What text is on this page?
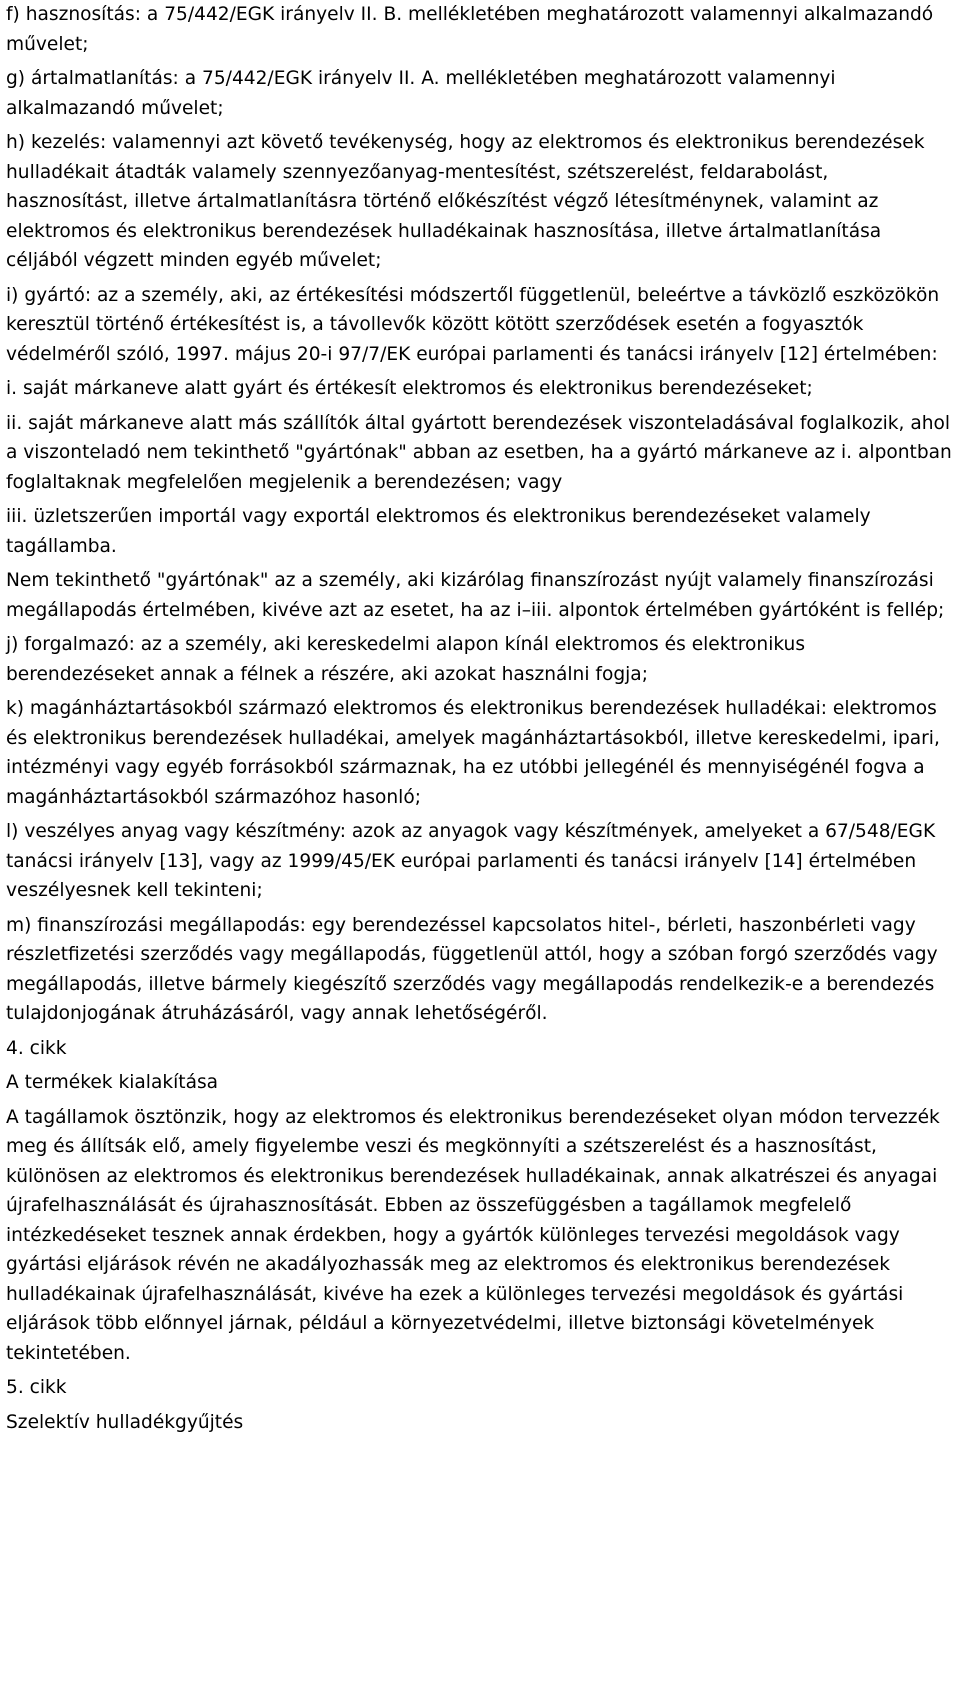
f) hasznosítás: a 75/442/EGK irányelv II. B. mellékletében meghatározott valamennyi alkalmazandó művelet;

g) ártalmatlanítás: a 75/442/EGK irányelv II. A. mellékletében meghatározott valamennyi alkalmazandó művelet;

h) kezelés: valamennyi azt követő tevékenység, hogy az elektromos és elektronikus berendezések hulladékait átadták valamely szennyezőanyag-mentesítést, szétszerelést, feldarabolást, hasznosítást, illetve ártalmatlanításra történő előkészítést végző létesítménynek, valamint az elektromos és elektronikus berendezések hulladékainak hasznosítása, illetve ártalmatlanítása céljából végzett minden egyéb művelet;

i) gyártó: az a személy, aki, az értékesítési módszertől függetlenül, beleértve a távközlő eszközökön keresztül történő értékesítést is, a távollevők között kötött szerződések esetén a fogyasztók védelméről szóló, 1997. május 20-i 97/7/EK európai parlamenti és tanácsi irányelv [12] értelmében:

i. saját márkaneve alatt gyárt és értékesít elektromos és elektronikus berendezéseket;

ii. saját márkaneve alatt más szállítók által gyártott berendezések viszonteladásával foglalkozik, ahol a viszonteladó nem tekinthető "gyártónak" abban az esetben, ha a gyártó márkaneve az i. alpontban foglaltaknak megfelelően megjelenik a berendezésen; vagy

iii. üzletszerűen importál vagy exportál elektromos és elektronikus berendezéseket valamely tagállamba.

Nem tekinthető "gyártónak" az a személy, aki kizárólag finanszírozást nyújt valamely finanszírozási megállapodás értelmében, kivéve azt az esetet, ha az i–iii. alpontok értelmében gyártóként is fellép;

j) forgalmazó: az a személy, aki kereskedelmi alapon kínál elektromos és elektronikus berendezéseket annak a félnek a részére, aki azokat használni fogja;

k) magánháztartásokból származó elektromos és elektronikus berendezések hulladékai: elektromos és elektronikus berendezések hulladékai, amelyek magánháztartásokból, illetve kereskedelmi, ipari, intézményi vagy egyéb forrásokból származnak, ha ez utóbbi jellegénél és mennyiségénél fogva a magánháztartásokból származóhoz hasonló;

l) veszélyes anyag vagy készítmény: azok az anyagok vagy készítmények, amelyeket a 67/548/EGK tanácsi irányelv [13], vagy az 1999/45/EK európai parlamenti és tanácsi irányelv [14] értelmében veszélyesnek kell tekinteni;

m) finanszírozási megállapodás: egy berendezéssel kapcsolatos hitel-, bérleti, haszonbérleti vagy részletfizetési szerződés vagy megállapodás, függetlenül attól, hogy a szóban forgó szerződés vagy megállapodás, illetve bármely kiegészítő szerződés vagy megállapodás rendelkezik-e a berendezés tulajdonjogának átruházásáról, vagy annak lehetőségéről.

4. cikk

A termékek kialakítása

A tagállamok ösztönzik, hogy az elektromos és elektronikus berendezéseket olyan módon tervezzék meg és állítsák elő, amely figyelembe veszi és megkönnyíti a szétszerelést és a hasznosítást, különösen az elektromos és elektronikus berendezések hulladékainak, annak alkatrészei és anyagai újrafelhasználását és újrahasznosítását. Ebben az összefüggésben a tagállamok megfelelő intézkedéseket tesznek annak érdekben, hogy a gyártók különleges tervezési megoldások vagy gyártási eljárások révén ne akadályozhassák meg az elektromos és elektronikus berendezések hulladékainak újrafelhasználását, kivéve ha ezek a különleges tervezési megoldások és gyártási eljárások több előnnyel járnak, például a környezetvédelmi, illetve biztonsági követelmények tekintetében.

5. cikk

Szelektív hulladékgyűjtés
